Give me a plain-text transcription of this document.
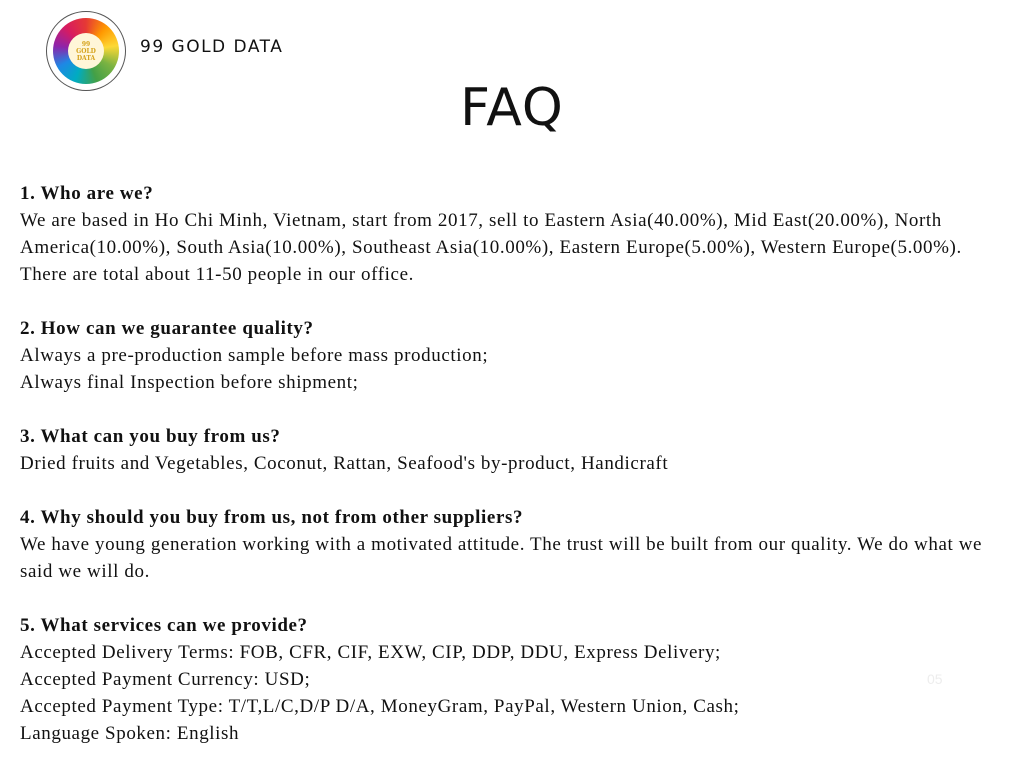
99
GOLD
DATA
99 GOLD DATA
FAQ
1. Who are we?
We are based in Ho Chi Minh, Vietnam, start from 2017, sell to Eastern Asia(40.00%), Mid East(20.00%), North America(10.00%), South Asia(10.00%), Southeast Asia(10.00%), Eastern Europe(5.00%), Western Europe(5.00%). There are total about 11-50 people in our office.
2. How can we guarantee quality?
Always a pre-production sample before mass production;
Always final Inspection before shipment;
3. What can you buy from us?
Dried fruits and Vegetables, Coconut, Rattan, Seafood's by-product, Handicraft
4. Why should you buy from us, not from other suppliers?
We have young generation working with a motivated attitude. The trust will be built from our quality. We do what we said we will do.
5. What services can we provide?
Accepted Delivery Terms: FOB, CFR, CIF, EXW, CIP, DDP, DDU, Express Delivery;
Accepted Payment Currency: USD;
Accepted Payment Type: T/T,L/C,D/P D/A, MoneyGram, PayPal, Western Union, Cash;
Language Spoken: English
05
